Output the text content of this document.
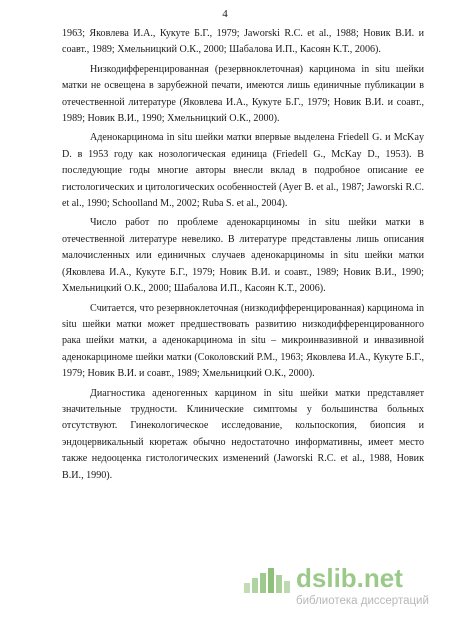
4

1963; Яковлева И.А., Кукуте Б.Г., 1979; Jaworski R.C. et al., 1988; Новик В.И. и соавт., 1989; Хмельницкий О.К., 2000; Шабалова И.П., Касоян К.Т., 2006).

Низкодифференцированная (резервноклеточная) карцинома in situ шейки матки не освещена в зарубежной печати, имеются лишь единичные публикации в отечественной литературе (Яковлева И.А., Кукуте Б.Г., 1979; Новик В.И. и соавт., 1989; Новик В.И., 1990; Хмельницкий О.К., 2000).

Аденокарцинома in situ шейки матки впервые выделена Friedell G. и McKay D. в 1953 году как нозологическая единица (Friedell G., McKay D., 1953). В последующие годы многие авторы внесли вклад в подробное описание ее гистологических и цитологических особенностей (Ayer B. et al., 1987; Jaworski R.C. et al., 1990; Schoolland M., 2002; Ruba S. et al., 2004).

Число работ по проблеме аденокарциномы in situ шейки матки в отечественной литературе невелико. В литературе представлены лишь описания малочисленных или единичных случаев аденокарциномы in situ шейки матки (Яковлева И.А., Кукуте Б.Г., 1979; Новик В.И. и соавт., 1989; Новик В.И., 1990; Хмельницкий О.К., 2000; Шабалова И.П., Касоян К.Т., 2006).

Считается, что резервноклеточная (низкодифференцированная) карцинома in situ шейки матки может предшествовать развитию низкодифференцированного рака шейки матки, а аденокарцинома in situ – микроинвазивной и инвазивной аденокарциноме шейки матки (Соколовский Р.М., 1963; Яковлева И.А., Кукуте Б.Г., 1979; Новик В.И. и соавт., 1989; Хмельницкий О.К., 2000).

Диагностика аденогенных карцином in situ шейки матки представляет значительные трудности. Клинические симптомы у большинства больных отсутствуют. Гинекологическое исследование, кольпоскопия, биопсия и эндоцервикальный кюретаж обычно недостаточно информативны, имеет место также недооценка гистологических изменений (Jaworski R.C. et al., 1988, Новик В.И., 1990).

dslib.net
библиотека диссертаций
